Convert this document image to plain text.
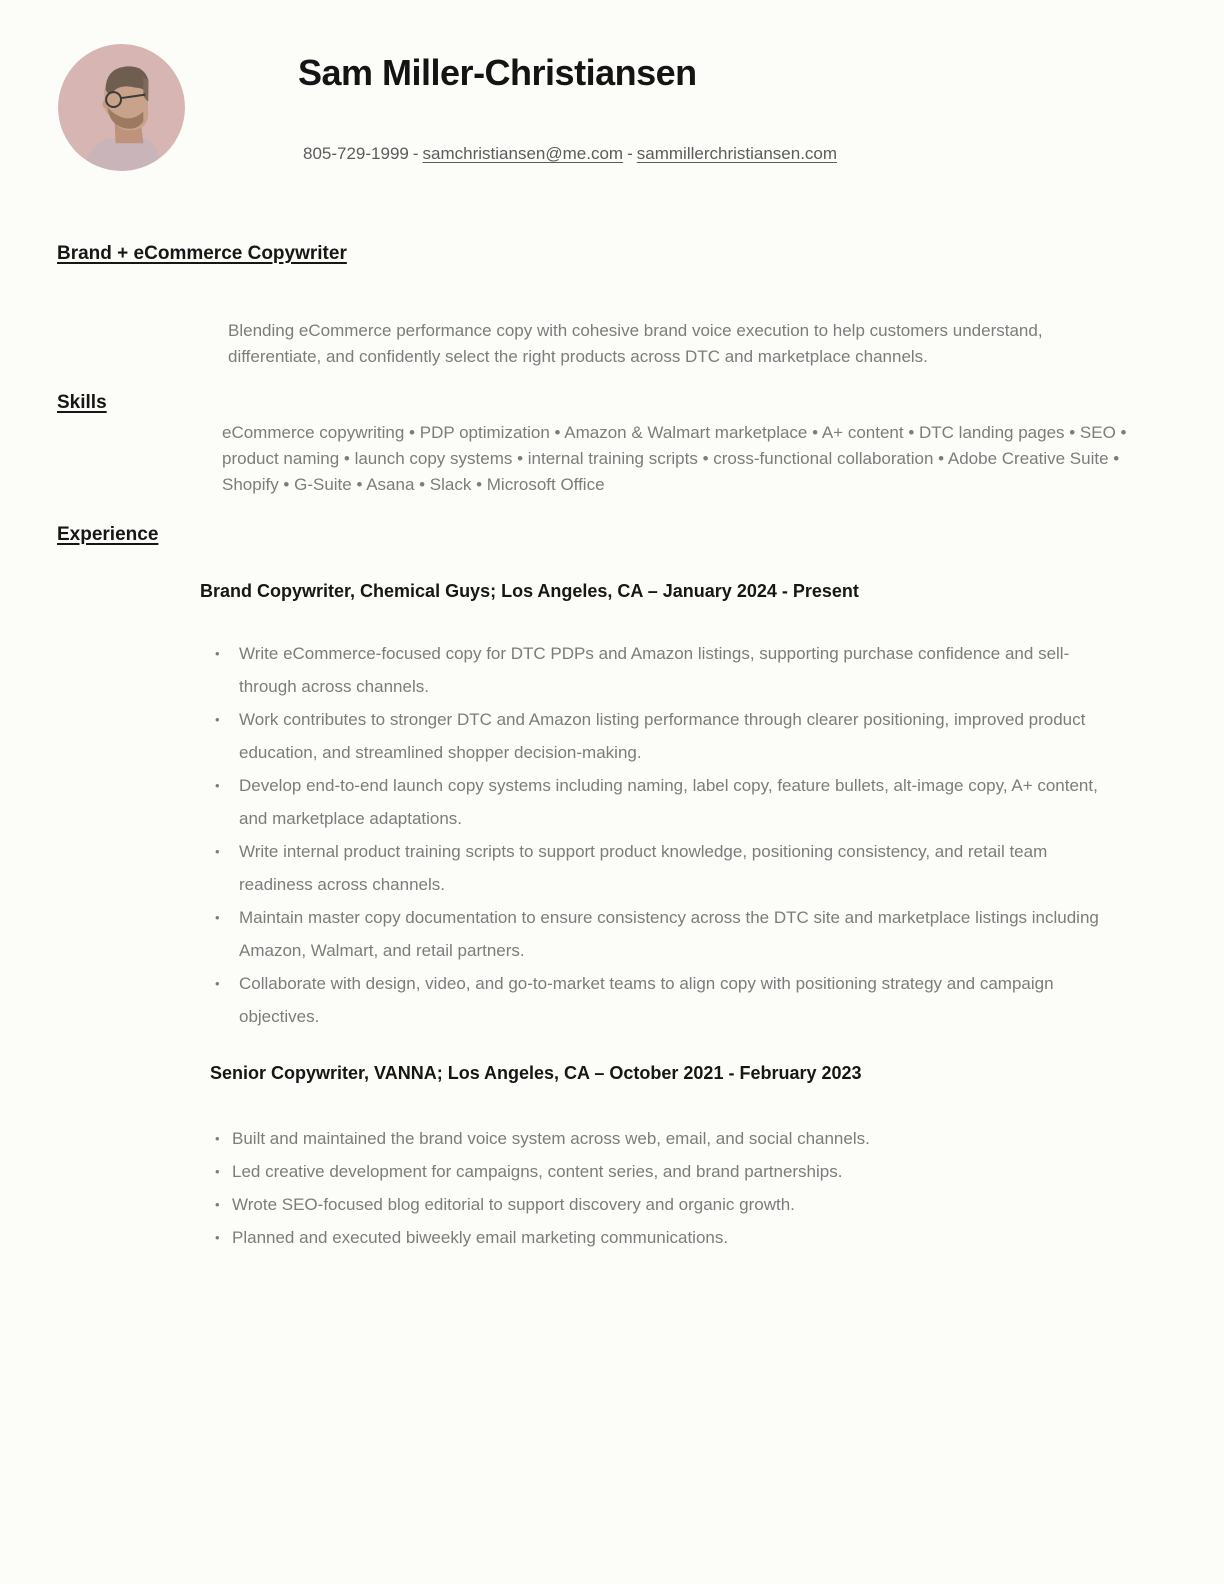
Sam Miller-Christiansen
805-729-1999 - samchristiansen@me.com - sammillerchristiansen.com
Brand + eCommerce Copywriter

Blending eCommerce performance copy with cohesive brand voice execution to help customers understand, differentiate, and confidently select the right products across DTC and marketplace channels.

Skills

eCommerce copywriting • PDP optimization • Amazon & Walmart marketplace • A+ content • DTC landing pages • SEO • product naming • launch copy systems • internal training scripts • cross-functional collaboration • Adobe Creative Suite • Shopify • G-Suite • Asana • Slack • Microsoft Office

Experience
Brand Copywriter, Chemical Guys; Los Angeles, CA – January 2024 - Present
• Write eCommerce-focused copy for DTC PDPs and Amazon listings, supporting purchase confidence and sell-through across channels.
• Work contributes to stronger DTC and Amazon listing performance through clearer positioning, improved product education, and streamlined shopper decision-making.
• Develop end-to-end launch copy systems including naming, label copy, feature bullets, alt-image copy, A+ content, and marketplace adaptations.
• Write internal product training scripts to support product knowledge, positioning consistency, and retail team readiness across channels.
• Maintain master copy documentation to ensure consistency across the DTC site and marketplace listings including Amazon, Walmart, and retail partners.
• Collaborate with design, video, and go-to-market teams to align copy with positioning strategy and campaign objectives.
Senior Copywriter, VANNA; Los Angeles, CA – October 2021 - February 2023
• Built and maintained the brand voice system across web, email, and social channels.
• Led creative development for campaigns, content series, and brand partnerships.
• Wrote SEO-focused blog editorial to support discovery and organic growth.
• Planned and executed biweekly email marketing communications.
